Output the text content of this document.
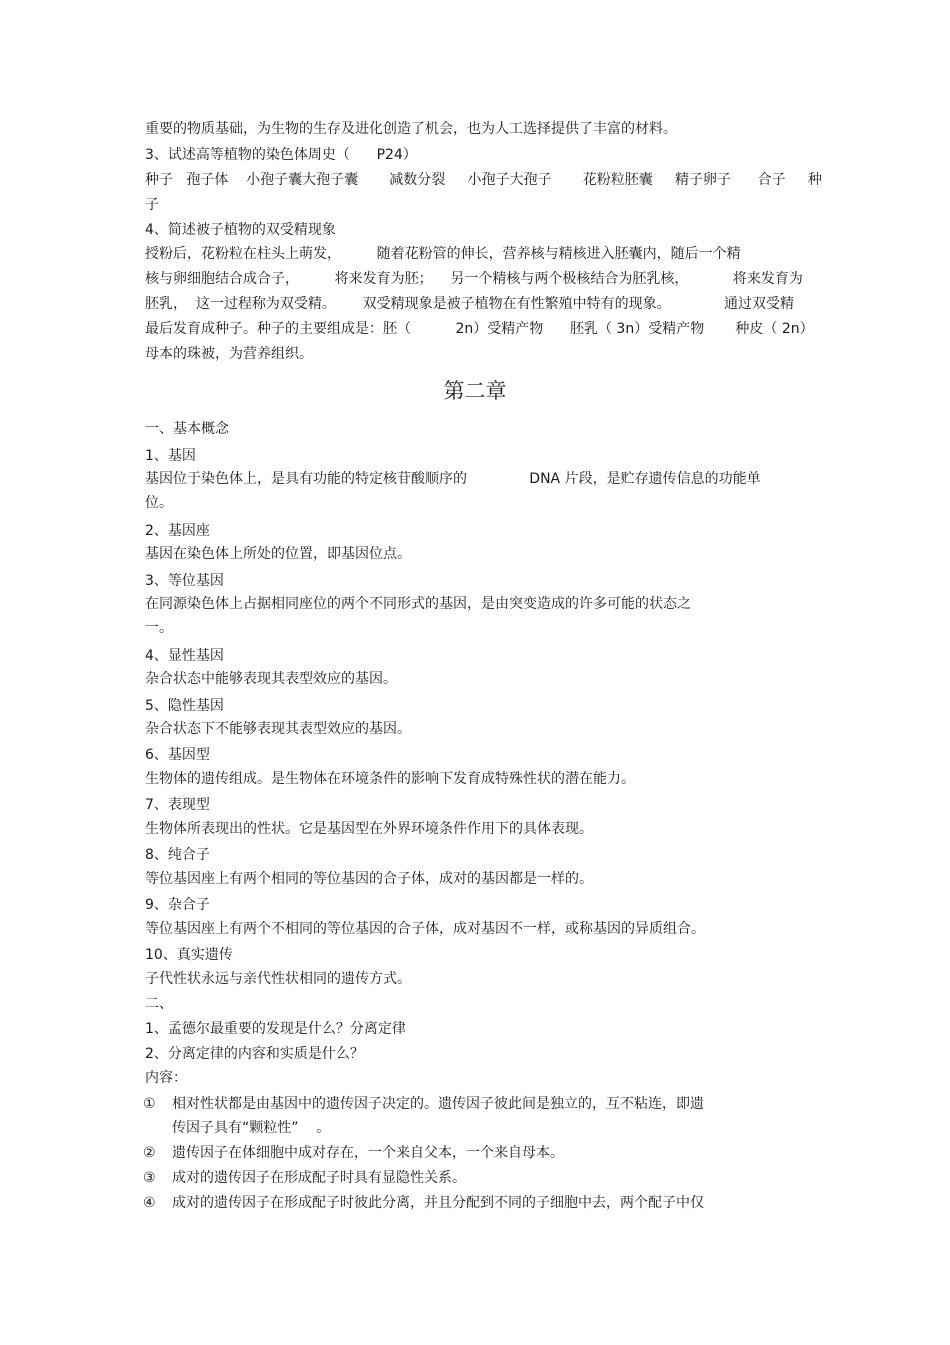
重要的物质基础，为生物的生存及进化创造了机会，也为人工选择提供了丰富的材料。
3、试述高等植物的染色体周史（      P24）
种子   孢子体    小孢子囊大孢子囊       减数分裂     小孢子大孢子       花粉粒胚囊     精子卵子      合子     种
子
4、简述被子植物的双受精现象
授粉后，花粉粒在柱头上萌发，        随着花粉管的伸长，营养核与精核进入胚囊内，随后一个精
核与卵细胞结合成合子，        将来发育为胚；    另一个精核与两个极核结合为胚乳核，          将来发育为
胚乳，  这一过程称为双受精。      双受精现象是被子植物在有性繁殖中特有的现象。            通过双受精
最后发育成种子。种子的主要组成是：胚（          2n）受精产物      胚乳（ 3n）受精产物       种皮（ 2n）
母本的珠被，为营养组织。
第二章
一、基本概念
1、基因
基因位于染色体上，是具有功能的特定核苷酸顺序的              DNA 片段，是贮存遗传信息的功能单
位。
2、基因座
基因在染色体上所处的位置，即基因位点。
3、等位基因
在同源染色体上占据相同座位的两个不同形式的基因，是由突变造成的许多可能的状态之
一。
4、显性基因
杂合状态中能够表现其表型效应的基因。
5、隐性基因
杂合状态下不能够表现其表型效应的基因。
6、基因型
生物体的遗传组成。是生物体在环境条件的影响下发育成特殊性状的潜在能力。
7、表现型
生物体所表现出的性状。它是基因型在外界环境条件作用下的具体表现。
8、纯合子
等位基因座上有两个相同的等位基因的合子体，成对的基因都是一样的。
9、杂合子
等位基因座上有两个不相同的等位基因的合子体，成对基因不一样，或称基因的异质组合。
10、真实遗传
子代性状永远与亲代性状相同的遗传方式。
二、
1、孟德尔最重要的发现是什么？分离定律
2、分离定律的内容和实质是什么？
内容：
① 相对性状都是由基因中的遗传因子决定的。遗传因子彼此间是独立的，互不粘连，即遗
传因子具有“颗粒性”    。
② 遗传因子在体细胞中成对存在，一个来自父本，一个来自母本。
③ 成对的遗传因子在形成配子时具有显隐性关系。
④ 成对的遗传因子在形成配子时彼此分离，并且分配到不同的子细胞中去，两个配子中仅
